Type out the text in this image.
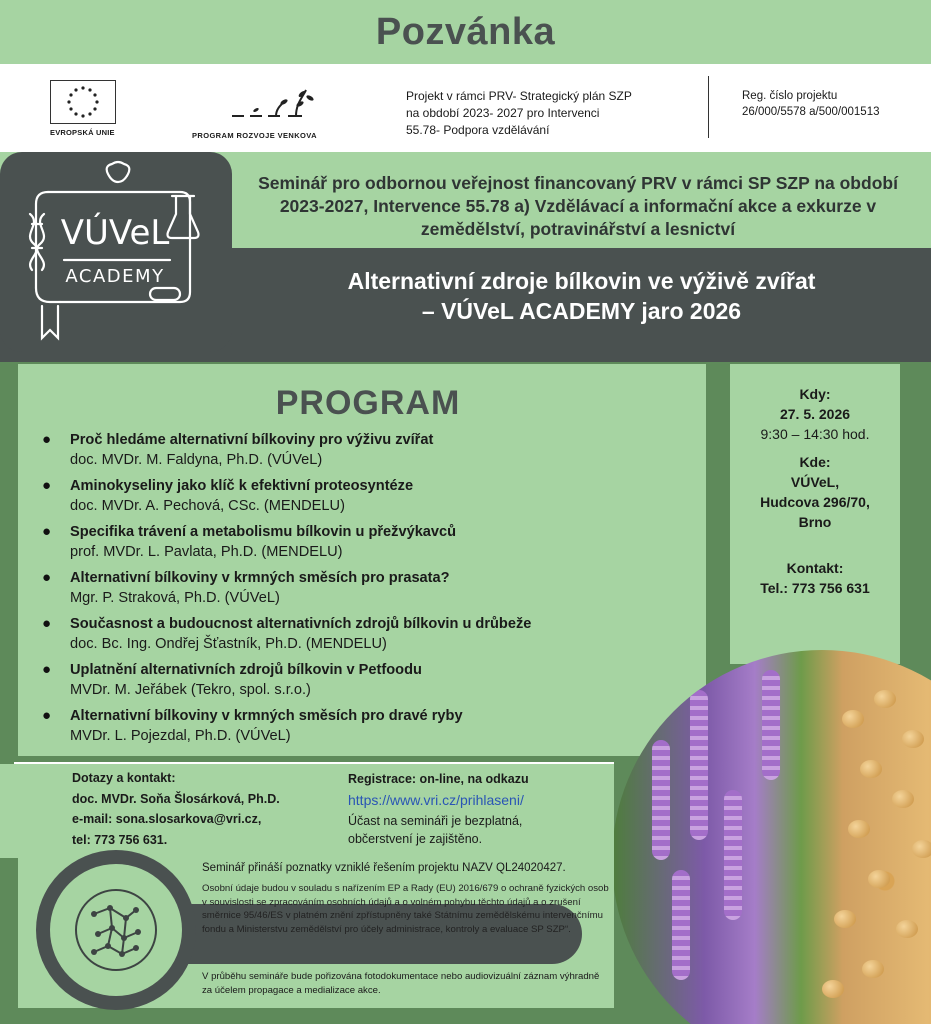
Pozvánka
EVROPSKÁ UNIE	PROGRAM ROZVOJE VENKOVA
Projekt v rámci PRV- Strategický plán SZP
na období 2023- 2027 pro Intervenci
55.78- Podpora vzdělávání
Reg. číslo projektu
26/000/5578 a/500/001513
VÚVeL
ACADEMY
Seminář pro odbornou veřejnost financovaný PRV v rámci SP SZP na období
2023-2027, Intervence 55.78 a) Vzdělávací a informační akce a exkurze v
zemědělství, potravinářství a lesnictví
Alternativní zdroje bílkovin ve výživě zvířat
– VÚVeL ACADEMY jaro 2026
PROGRAM
●	Proč hledáme alternativní bílkoviny pro výživu zvířat
doc. MVDr. M. Faldyna, Ph.D. (VÚVeL)
●	Aminokyseliny jako klíč k efektivní proteosyntéze
doc. MVDr. A. Pechová, CSc. (MENDELU)
●	Specifika trávení a metabolismu bílkovin u přežvýkavců
prof. MVDr. L. Pavlata, Ph.D. (MENDELU)
●	Alternativní bílkoviny v krmných směsích pro prasata?
Mgr. P. Straková, Ph.D. (VÚVeL)
●	Současnost a budoucnost alternativních zdrojů bílkovin u drůbeže
doc. Bc. Ing. Ondřej Šťastník, Ph.D. (MENDELU)
●	Uplatnění alternativních zdrojů bílkovin v Petfoodu
MVDr. M. Jeřábek (Tekro, spol. s.r.o.)
●	Alternativní bílkoviny v krmných směsích pro dravé ryby
MVDr. L. Pojezdal, Ph.D. (VÚVeL)
Kdy:
27. 5. 2026
9:30 – 14:30 hod.
Kde:
VÚVeL,
Hudcova 296/70,
Brno
Kontakt:
Tel.: 773 756 631
Dotazy a kontakt:
doc. MVDr. Soňa Šlosárková, Ph.D.
e-mail: sona.slosarkova@vri.cz,
tel: 773 756 631.
Registrace: on-line, na odkazu
https://www.vri.cz/prihlaseni/
Účast na semináři je bezplatná,
občerstvení je zajištěno.
Seminář přináší poznatky vzniklé řešením projektu NAZV QL24020427.
Osobní údaje budou v souladu s nařízením EP a Rady (EU) 2016/679 o ochraně fyzických osob v souvislosti se zpracováním osobních údajů a o volném pohybu těchto údajů a o zrušení směrnice 95/46/ES v platném znění zpřístupněny také Státnímu zemědělskému intervenčnímu fondu a Ministerstvu zemědělství pro účely administrace, kontroly a evaluace SP SZP“.
V průběhu semináře bude pořizována fotodokumentace nebo audiovizuální záznam výhradně za účelem propagace a medializace akce.
